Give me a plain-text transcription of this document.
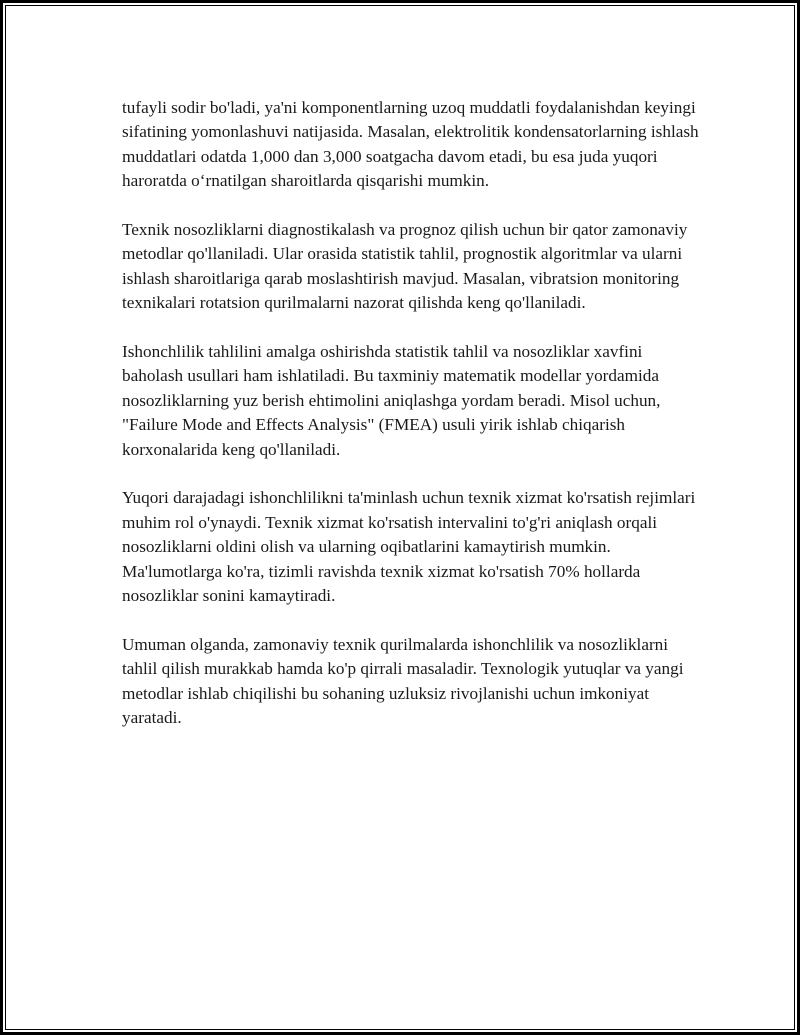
tufayli sodir bo'ladi, ya'ni komponentlarning uzoq muddatli foydalanishdan keyingi sifatining yomonlashuvi natijasida. Masalan, elektrolitik kondensatorlarning ishlash muddatlari odatda 1,000 dan 3,000 soatgacha davom etadi, bu esa juda yuqori haroratda o‘rnatilgan sharoitlarda qisqarishi mumkin.

Texnik nosozliklarni diagnostikalash va prognoz qilish uchun bir qator zamonaviy metodlar qo'llaniladi. Ular orasida statistik tahlil, prognostik algoritmlar va ularni ishlash sharoitlariga qarab moslashtirish mavjud. Masalan, vibratsion monitoring texnikalari rotatsion qurilmalarni nazorat qilishda keng qo'llaniladi.

Ishonchlilik tahlilini amalga oshirishda statistik tahlil va nosozliklar xavfini baholash usullari ham ishlatiladi. Bu taxminiy matematik modellar yordamida nosozliklarning yuz berish ehtimolini aniqlashga yordam beradi. Misol uchun, "Failure Mode and Effects Analysis" (FMEA) usuli yirik ishlab chiqarish korxonalarida keng qo'llaniladi.

Yuqori darajadagi ishonchlilikni ta'minlash uchun texnik xizmat ko'rsatish rejimlari muhim rol o'ynaydi. Texnik xizmat ko'rsatish intervalini to'g'ri aniqlash orqali nosozliklarni oldini olish va ularning oqibatlarini kamaytirish mumkin. Ma'lumotlarga ko'ra, tizimli ravishda texnik xizmat ko'rsatish 70% hollarda nosozliklar sonini kamaytiradi.

Umuman olganda, zamonaviy texnik qurilmalarda ishonchlilik va nosozliklarni tahlil qilish murakkab hamda ko'p qirrali masaladir. Texnologik yutuqlar va yangi metodlar ishlab chiqilishi bu sohaning uzluksiz rivojlanishi uchun imkoniyat yaratadi.
